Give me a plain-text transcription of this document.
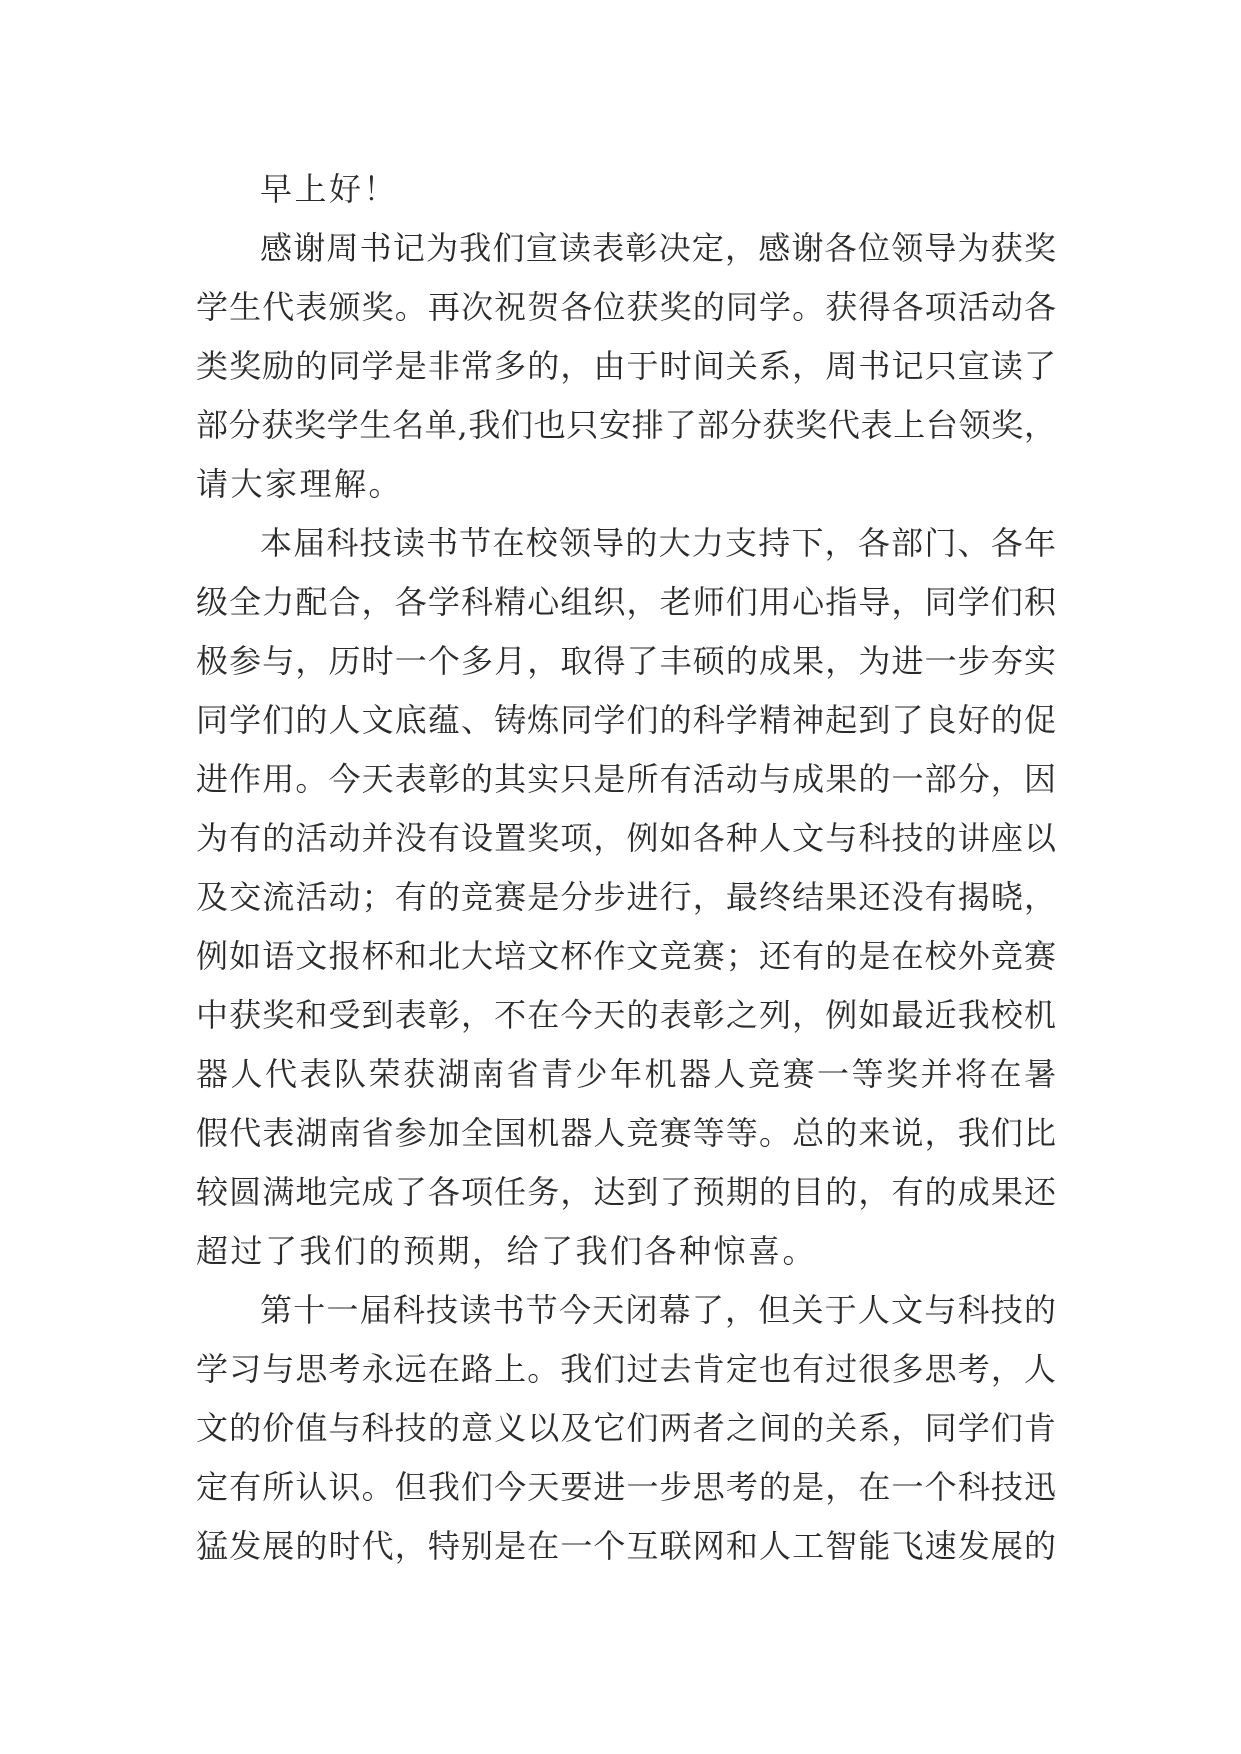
早上好！
感谢周书记为我们宣读表彰决定，感谢各位领导为获奖
学生代表颁奖。再次祝贺各位获奖的同学。获得各项活动各
类奖励的同学是非常多的，由于时间关系，周书记只宣读了
部分获奖学生名单,我们也只安排了部分获奖代表上台领奖，
请大家理解。
本届科技读书节在校领导的大力支持下，各部门、各年
级全力配合，各学科精心组织，老师们用心指导，同学们积
极参与，历时一个多月，取得了丰硕的成果，为进一步夯实
同学们的人文底蕴、铸炼同学们的科学精神起到了良好的促
进作用。今天表彰的其实只是所有活动与成果的一部分，因
为有的活动并没有设置奖项，例如各种人文与科技的讲座以
及交流活动；有的竞赛是分步进行，最终结果还没有揭晓，
例如语文报杯和北大培文杯作文竞赛；还有的是在校外竞赛
中获奖和受到表彰，不在今天的表彰之列，例如最近我校机
器人代表队荣获湖南省青少年机器人竞赛一等奖并将在暑
假代表湖南省参加全国机器人竞赛等等。总的来说，我们比
较圆满地完成了各项任务，达到了预期的目的，有的成果还
超过了我们的预期，给了我们各种惊喜。
第十一届科技读书节今天闭幕了，但关于人文与科技的
学习与思考永远在路上。我们过去肯定也有过很多思考，人
文的价值与科技的意义以及它们两者之间的关系，同学们肯
定有所认识。但我们今天要进一步思考的是，在一个科技迅
猛发展的时代，特别是在一个互联网和人工智能飞速发展的
